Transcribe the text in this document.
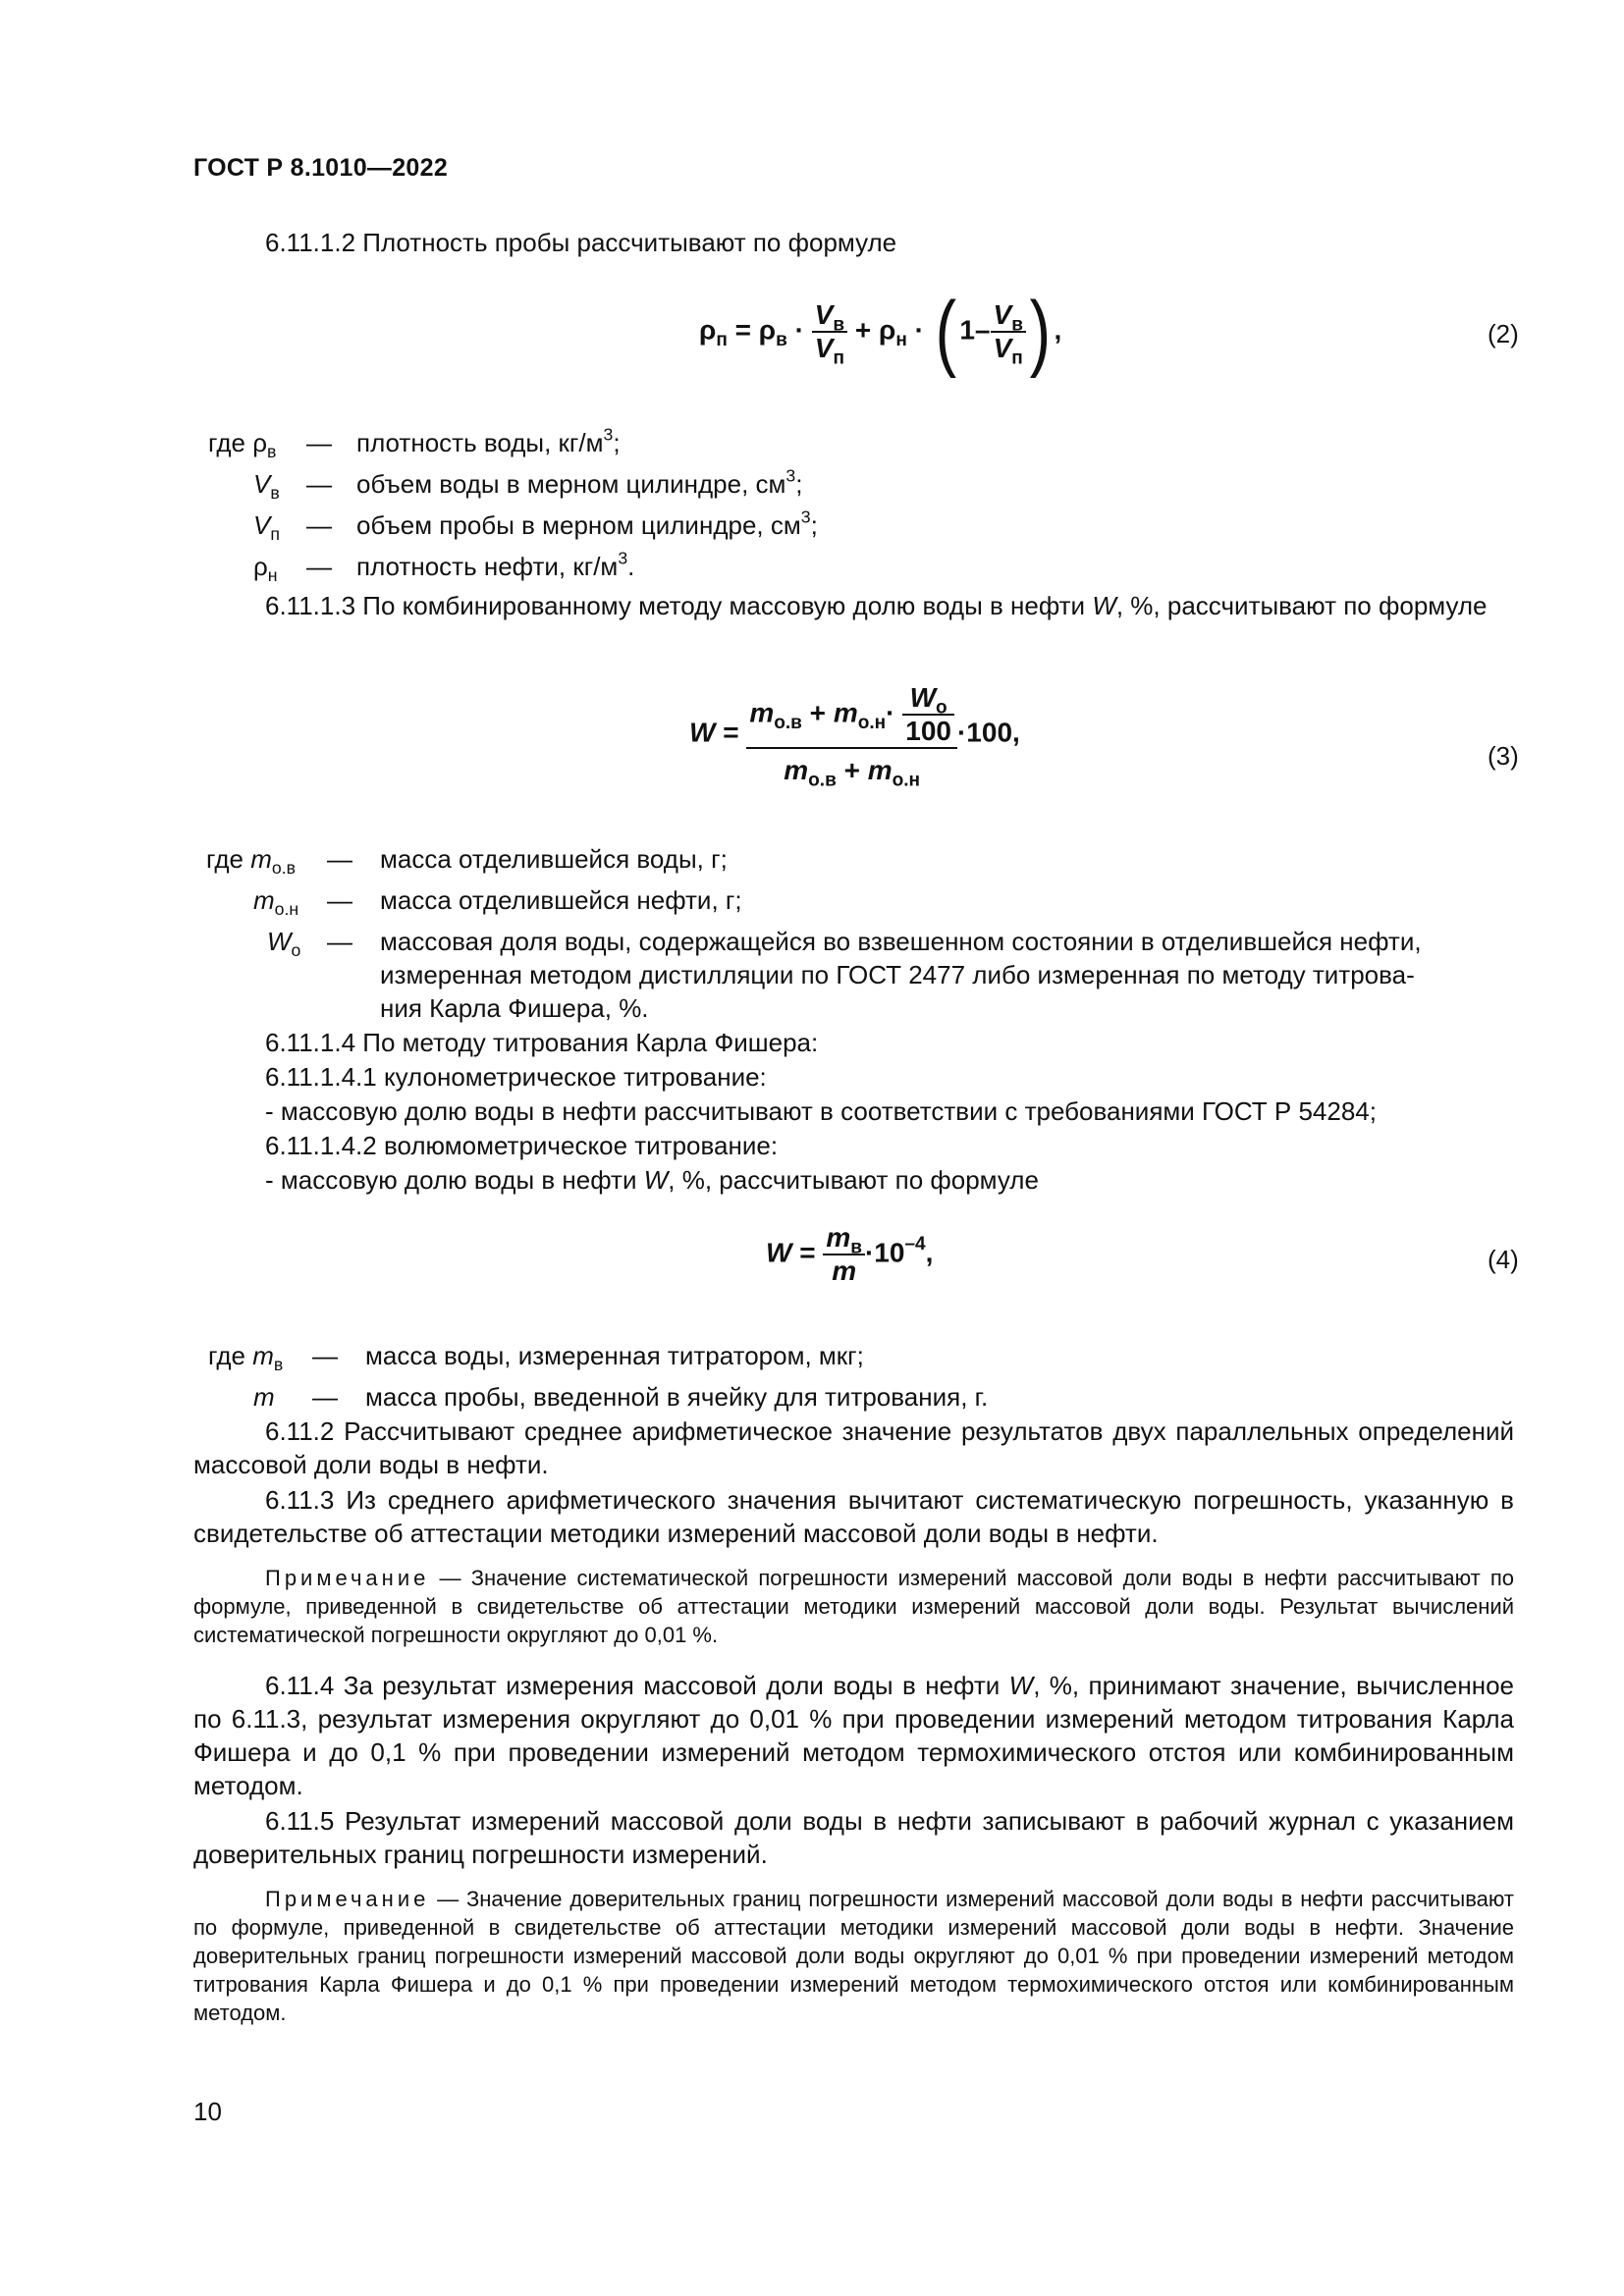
ГОСТ Р 8.1010—2022
6.11.1.2 Плотность пробы рассчитывают по формуле
$\rho_п = \rho_в \cdot \frac{V_в}{V_п} + \rho_н$ · ( $1- \frac{V_в}{V_п}$ ) ,	(2)
где $\rho_в$ — плотность воды, $кг/м^3$;
$V_в$ — объем воды в мерном цилиндре, $см^3$;
$V_п$ — объем пробы в мерном цилиндре, $см^3$;
$\rho_н$ — плотность нефти, $кг/м^3$.
6.11.1.3 По комбинированному методу массовую долю воды в нефти W, %, рассчитывают по формуле
$W = \frac{m_{о.в} + m_{о.н}\cdot \frac{W_о}{100}}{m_{о.в} + m_{о.н}} \cdot 100$,
(3)
где $m_{о.в}$ — масса отделившейся воды, г;
$m_{о.н}$ — масса отделившейся нефти, г;
$W_о$ — массовая доля воды, содержащейся во взвешенном состоянии в отделившейся нефти,
измеренная методом дистилляции по ГОСТ 2477 либо измеренная по методу титрова-
ния Карла Фишера, %.
6.11.1.4 По методу титрования Карла Фишера:
6.11.1.4.1 кулонометрическое титрование:
- массовую долю воды в нефти рассчитывают в соответствии с требованиями ГОСТ Р 54284;
6.11.1.4.2 волюмометрическое титрование:
- массовую долю воды в нефти W, %, рассчитывают по формуле
$W = \frac{m_в}{m} \cdot 10^{-4}$,	(4)
где $m_в$ — масса воды, измеренная титратором, мкг;
m — масса пробы, введенной в ячейку для титрования, г.
6.11.2 Рассчитывают среднее арифметическое значение результатов двух параллельных определений массовой доли воды в нефти.
6.11.3 Из среднего арифметического значения вычитают систематическую погрешность, указанную в свидетельстве об аттестации методики измерений массовой доли воды в нефти.
Примечание — Значение систематической погрешности измерений массовой доли воды в нефти рассчитывают по формуле, приведенной в свидетельстве об аттестации методики измерений массовой доли воды. Результат вычислений систематической погрешности округляют до 0,01 %.
6.11.4 За результат измерения массовой доли воды в нефти W, %, принимают значение, вычисленное по 6.11.3, результат измерения округляют до 0,01 % при проведении измерений методом титрования Карла Фишера и до 0,1 % при проведении измерений методом термохимического отстоя или комбинированным методом.
6.11.5 Результат измерений массовой доли воды в нефти записывают в рабочий журнал с указанием доверительных границ погрешности измерений.
Примечание — Значение доверительных границ погрешности измерений массовой доли воды в нефти рассчитывают по формуле, приведенной в свидетельстве об аттестации методики измерений массовой доли воды в нефти. Значение доверительных границ погрешности измерений массовой доли воды округляют до 0,01 % при проведении измерений методом титрования Карла Фишера и до 0,1 % при проведении измерений методом термохимического отстоя или комбинированным методом.
10
